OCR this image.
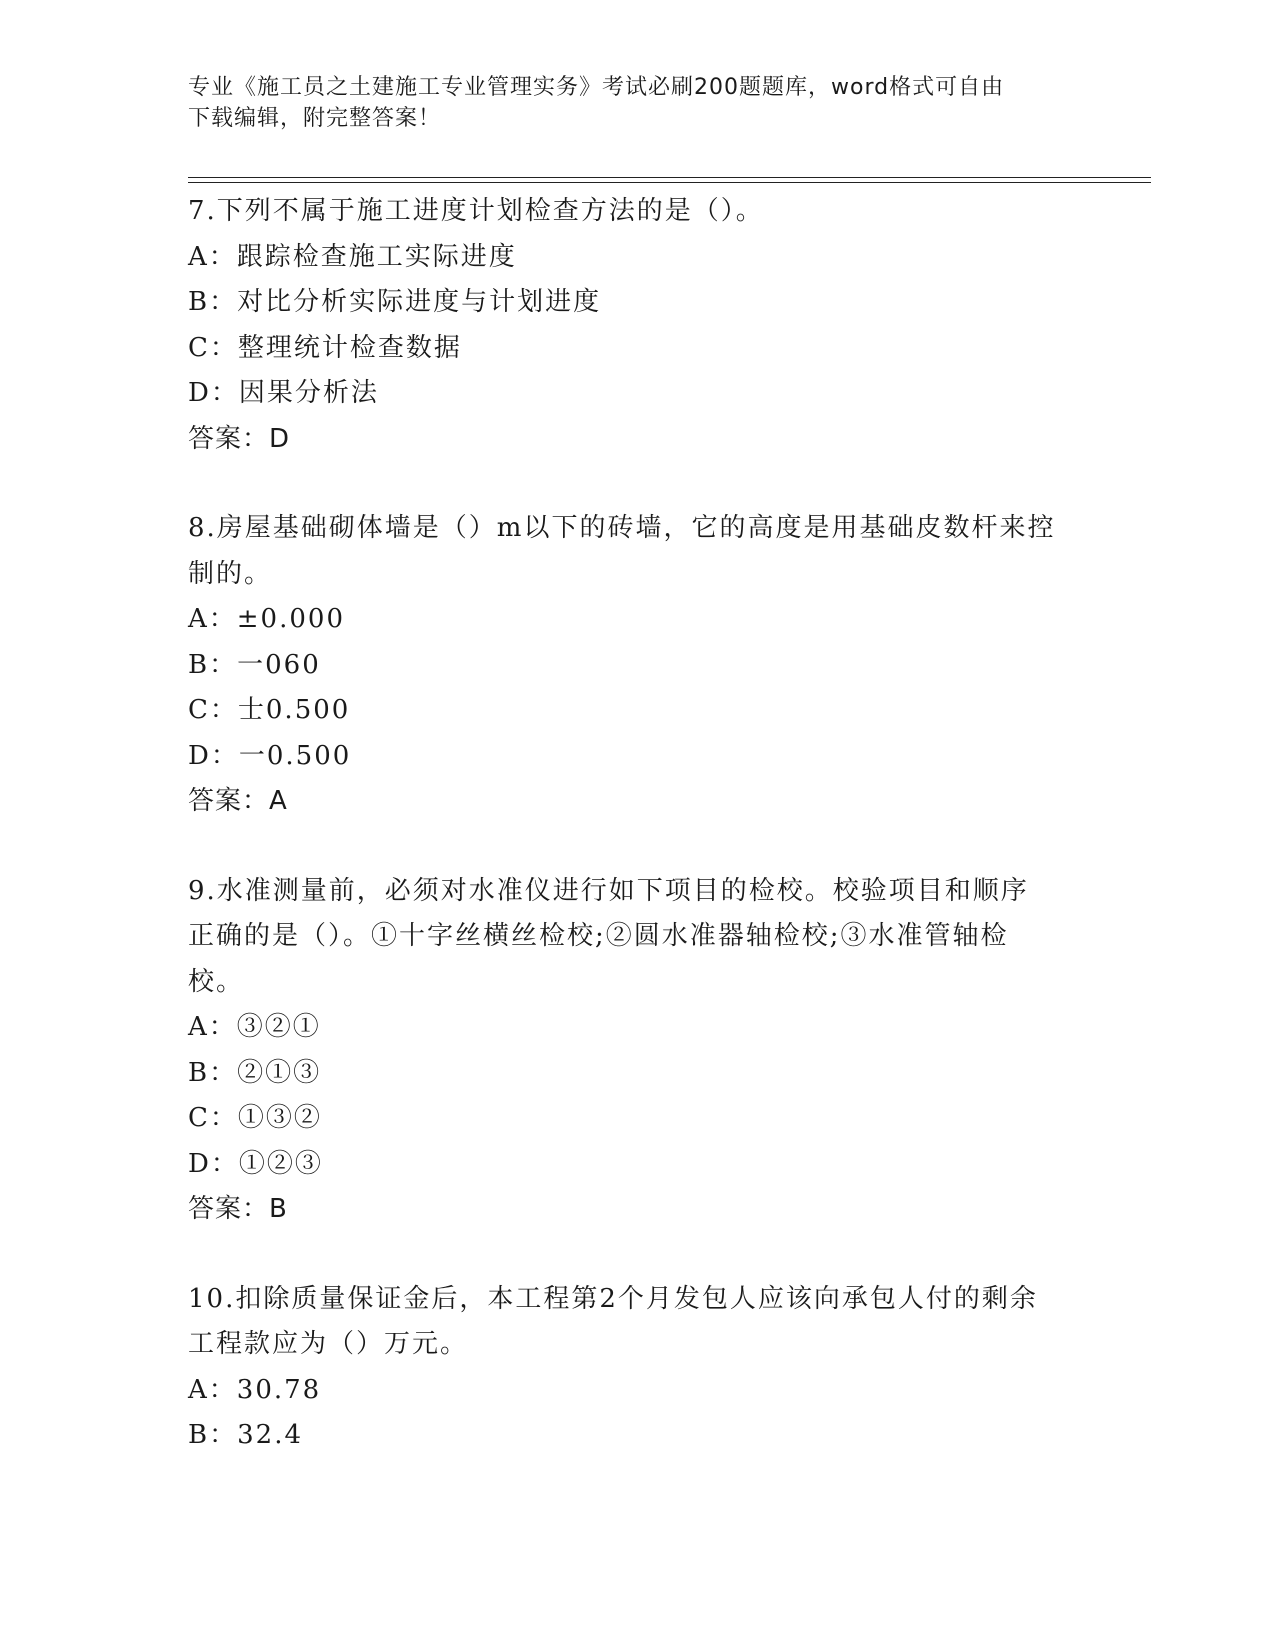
专业《施工员之土建施工专业管理实务》考试必刷200题题库，word格式可自由
下载编辑，附完整答案！

7.下列不属于施工进度计划检查方法的是（）。

A：跟踪检查施工实际进度

B：对比分析实际进度与计划进度

C：整理统计检查数据

D：因果分析法

答案：D

8.房屋基础砌体墙是（）m以下的砖墙，它的高度是用基础皮数杆来控

制的。

A：±0.000

B：一060

C：士0.500

D：一0.500

答案：A

9.水准测量前，必须对水准仪进行如下项目的检校。校验项目和顺序

正确的是（）。①十字丝横丝检校;②圆水准器轴检校;③水准管轴检

校。

A：③②①

B：②①③

C：①③②

D：①②③

答案：B

10.扣除质量保证金后，本工程第2个月发包人应该向承包人付的剩余

工程款应为（）万元。

A：30.78

B：32.4
